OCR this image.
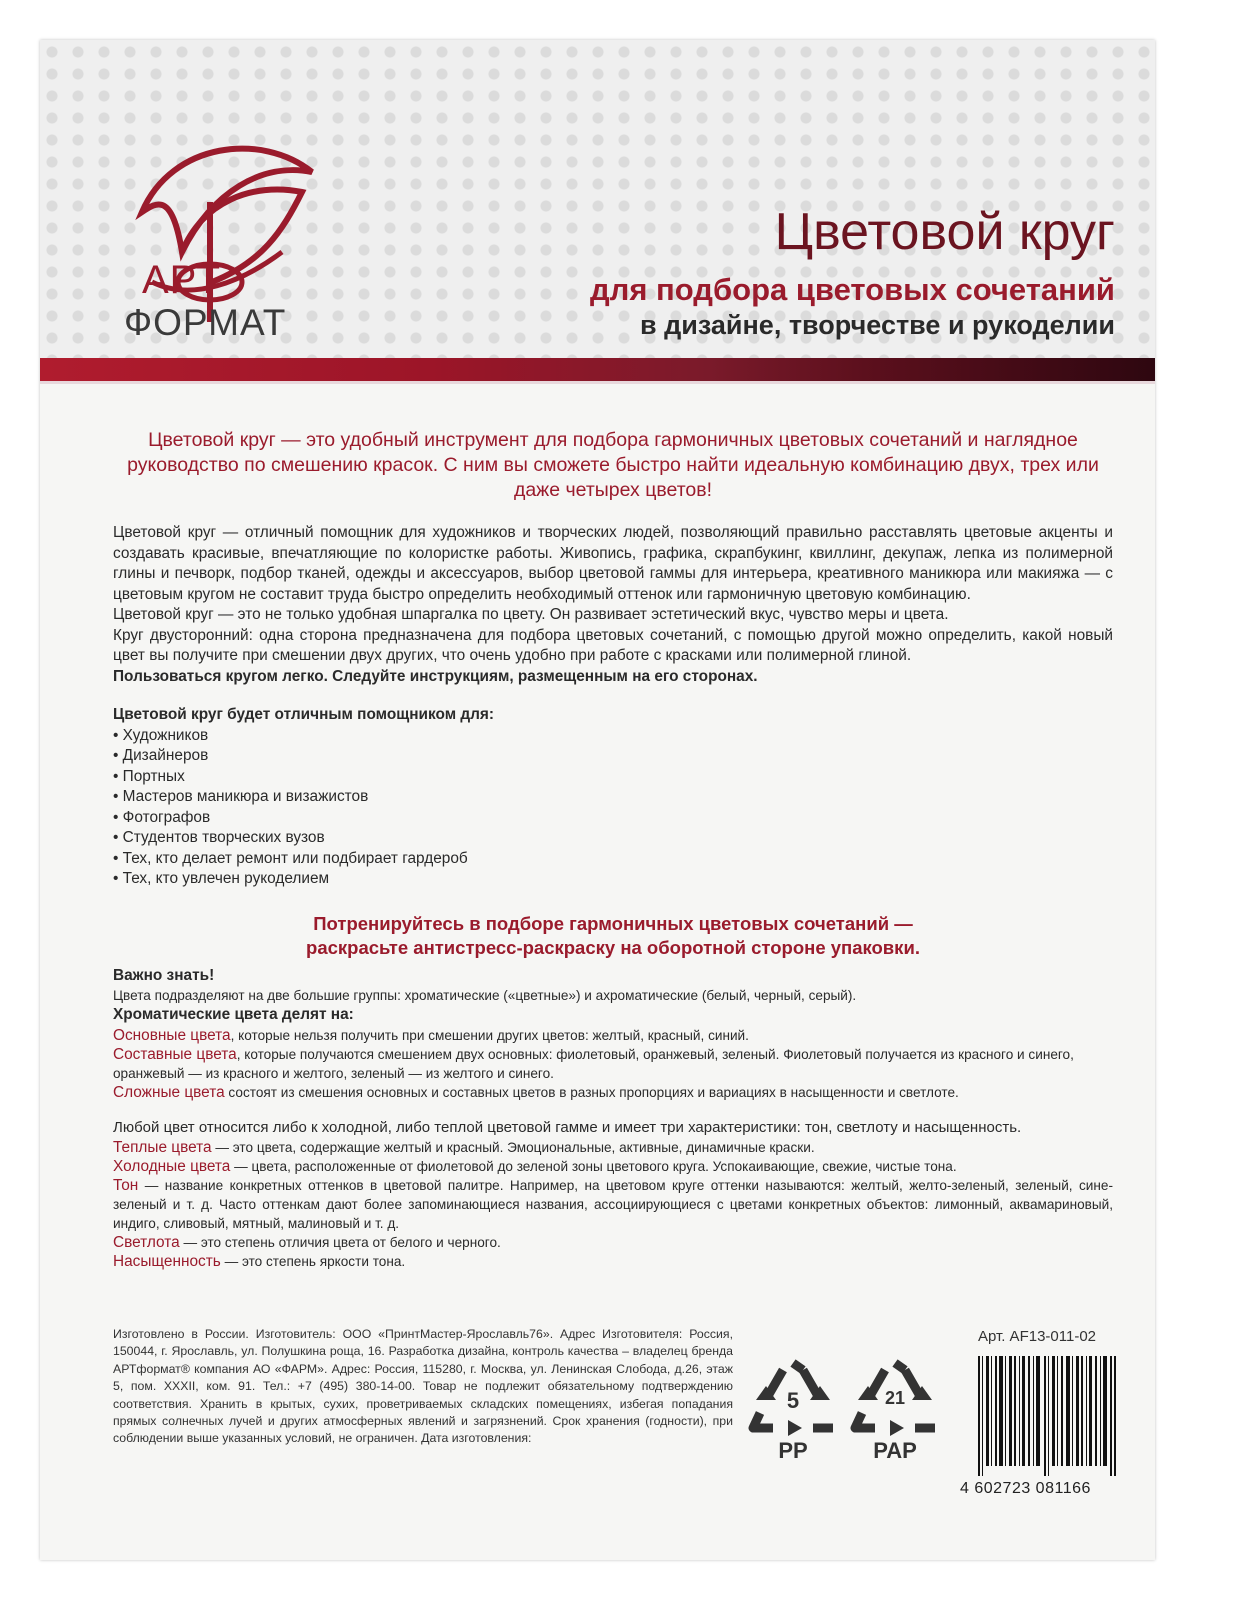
АРТ
ФОРМАТ
Цветовой круг
для подбора цветовых сочетаний
в дизайне, творчестве и рукоделии
Цветовой круг — это удобный инструмент для подбора гармоничных цветовых сочетаний и наглядное руководство по смешению красок. С ним вы сможете быстро найти идеальную комбинацию двух, трех или даже четырех цветов!

Цветовой круг — отличный помощник для художников и творческих людей, позволяющий правильно расставлять цветовые акценты и создавать красивые, впечатляющие по колористке работы. Живопись, графика, скрапбукинг, квиллинг, декупаж, лепка из полимерной глины и печворк, подбор тканей, одежды и аксессуаров, выбор цветовой гаммы для интерьера, креативного маникюра или макияжа — с цветовым кругом не составит труда быстро определить необходимый оттенок или гармоничную цветовую комбинацию.

Цветовой круг — это не только удобная шпаргалка по цвету. Он развивает эстетический вкус, чувство меры и цвета.

Круг двусторонний: одна сторона предназначена для подбора цветовых сочетаний, с помощью другой можно определить, какой новый цвет вы получите при смешении двух других, что очень удобно при работе с красками или полимерной глиной.

Пользоваться кругом легко. Следуйте инструкциям, размещенным на его сторонах.

Цветовой круг будет отличным помощником для:
• Художников
• Дизайнеров
• Портных
• Мастеров маникюра и визажистов
• Фотографов
• Студентов творческих вузов
• Тех, кто делает ремонт или подбирает гардероб
• Тех, кто увлечен рукоделием
Потренируйтесь в подборе гармоничных цветовых сочетаний —
раскрасьте антистресс-раскраску на оборотной стороне упаковки.
Важно знать!
Цвета подразделяют на две большие группы: хроматические («цветные») и ахроматические (белый, черный, серый).
Хроматические цвета делят на:
Основные цвета, которые нельзя получить при смешении других цветов: желтый, красный, синий.
Составные цвета, которые получаются смешением двух основных: фиолетовый, оранжевый, зеленый. Фиолетовый получается из красного и синего, оранжевый — из красного и желтого, зеленый — из желтого и синего.
Сложные цвета состоят из смешения основных и составных цветов в разных пропорциях и вариациях в насыщенности и светлоте.
Любой цвет относится либо к холодной, либо теплой цветовой гамме и имеет три характеристики: тон, светлоту и насыщенность.
Теплые цвета — это цвета, содержащие желтый и красный. Эмоциональные, активные, динамичные краски.
Холодные цвета — цвета, расположенные от фиолетовой до зеленой зоны цветового круга. Успокаивающие, свежие, чистые тона.
Тон — название конкретных оттенков в цветовой палитре. Например, на цветовом круге оттенки называются: желтый, желто-зеленый, зеленый, сине-зеленый и т. д. Часто оттенкам дают более запоминающиеся названия, ассоциирующиеся с цветами конкретных объектов: лимонный, аквамариновый, индиго, сливовый, мятный, малиновый и т. д.
Светлота — это степень отличия цвета от белого и черного.
Насыщенность — это степень яркости тона.
Изготовлено в России. Изготовитель: ООО «ПринтМастер-Ярославль76». Адрес Изготовителя: Россия, 150044, г. Ярославль, ул. Полушкина роща, 16. Разработка дизайна, контроль качества – владелец бренда АРТформат® компания АО «ФАРМ». Адрес: Россия, 115280, г. Москва, ул. Ленинская Слобода, д.26, этаж 5, пом. XXXII, ком. 91. Тел.: +7 (495) 380-14-00. Товар не подлежит обязательному подтверждению соответствия. Хранить в крытых, сухих, проветриваемых складских помещениях, избегая попадания прямых солнечных лучей и других атмосферных явлений и загрязнений. Срок хранения (годности), при соблюдении выше указанных условий, не ограничен. Дата изготовления:
Арт. AF13-011-02
5
PP
21
PAP
4 602723 081166
